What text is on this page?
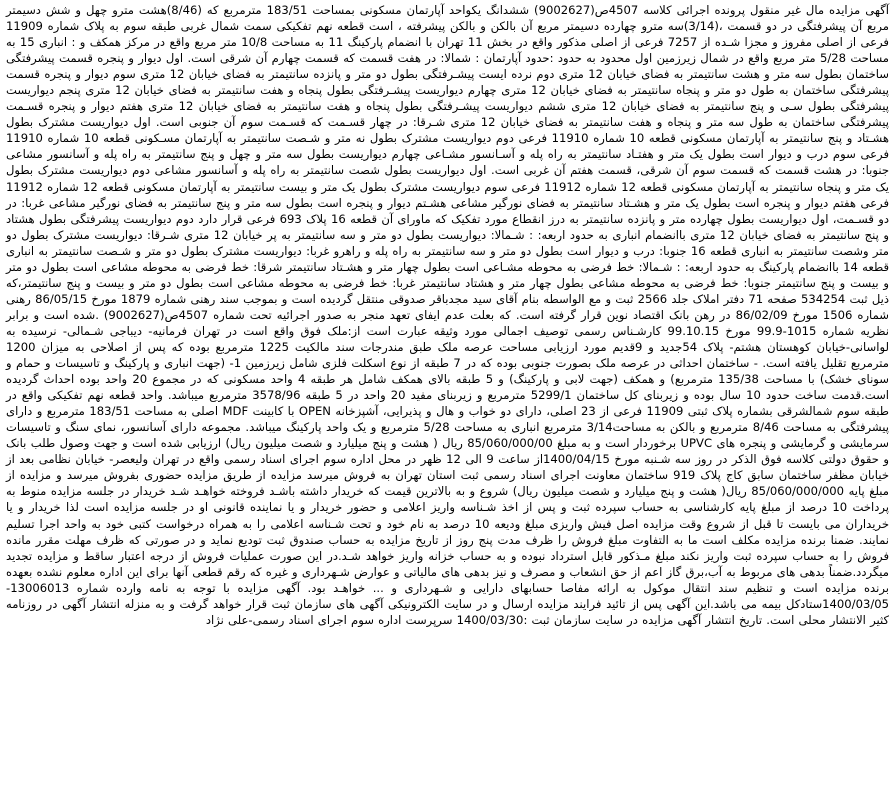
آگهی مزایده مال غیر منقول پرونده اجرائی کلاسه 4507ص(9002627) ششدانگ یکواحد آپارتمان مسکونی بمساحت 183/51 مترمربع که (8/46)هشت مترو چهل و شش دسیمتر مربع آن پیشرفتگی در دو قسمت ،(3/14)سه مترو چهارده دسیمتر مربع آن بالکن و بالکن پیشرفته ، است قطعه نهم تفکیکی سمت شمال غربی طبقه سوم به پلاک شماره 11909 فرعی از اصلی مفروز و مجزا شـده از 7257 فرعی از اصلی مذکور واقع در بخش 11 تهران با انضمام پارکینگ 11 به مساحت 10/8 متر مربع واقع در مرکز همکف و : انباری 15 به مساحت 5/28 متر مربع واقع در شمال زیرزمین اول محدود به حدود :حدود آپارتمان : شمالا: در هفت قسمت که قسمت چهارم آن شرقی است. اول دیوار و پنجره قسمت پیشرفتگی ساختمان بطول سه متر و هشت سانتیمتر به فضای خیابان 12 متری دوم نرده ایست پیشـرفتگی بطول دو متر و پانزده سانتیمتر به فضای خیابان 12 متری سوم دیوار و پنجره قسمت پیشرفتگی ساختمان به طول دو متر و پنجاه سانتیمتر به فضای خیابان 12 متری چهارم دیواریست پیشـرفتگی بطول پنجاه و هفت سانتیمتر به فضای خیابان 12 متری پنجم دیواریست پیشرفتگی بطول سـی و پنج سانتیمتر به فضای خیابان 12 متری ششم دیواریست پیشـرفتگی بطول پنجاه و هفت سانتیمتر به فضای خیابان 12 متری هفتم دیوار و پنجره قسـمت پیشرفتگی ساختمان به طول سه متر و پنجاه و هفت سانتیمتر به فضای خیابان 12 متری شـرقا: در چهار قسـمت که قسـمت سوم آن جنوبی است. اول دیواریست مشترک بطول هشـتاد و پنج سانتیمتر به آپارتمان مسکونی قطعه 10 شماره 11910 فرعی دوم دیواریست مشترک بطول نه متر و شـصت سانتیمتر به آپارتمان مسـکونی قطعه 10 شماره 11910 فرعی سوم درب و دیوار است بطول یک متر و هفتـاد سانتیمتر به راه پله و آسـانسور مشـاعی چهارم دیواریست بطول سه متر و چهل و پنج سانتیمتر به راه پله و آسانسور مشاعی جنوبا: در هشت قسمت که قسمت سوم آن شرقی، قسمت هفتم آن غربی است. اول دیواریست بطول شصت سانتیمتر به راه پله و آسانسور مشاعی دوم دیواریست مشترک بطول یک متر و پنجاه سانتیمتر به آپارتمان مسکونی قطعه 12 شماره 11912 فرعی سوم دیواریست مشترک بطول یک متر و بیست سانتیمتر به آپارتمان مسکونی قطعه 12 شماره 11912 فرعی هفتم دیوار و پنجره است بطول یک متر و هشـتاد سانتیمتر به فضای نورگیر مشاعی هشـتم دیوار و پنجره است بطول سه متر و پنج سانتیمتر به فضای نورگیر مشاعی غربا: در دو قسـمت، اول دیواریست بطول چهارده متر و پانزده سانتیمتر به درز انقطاع مورد تفکیک که ماورای آن قطعه 16 پلاک 693 فرعی قرار دارد دوم دیواریست پیشرفتگی بطول هشتاد و پنج سانتیمتر به فضای خیابان 12 متری باانضمام انباری به حدود اربعه: : شـمالا: دیواریست بطول دو متر و سه سانتیمتر به پر خیابان 12 متری شـرقا: دیواریست مشترک بطول دو متر وشصت سانتیمتر به انباری قطعه 16 جنوبا: درب و دیوار است بطول دو متر و سه سانتیمتر به راه پله و راهرو غربا: دیواریست مشترک بطول دو متر و شـصت سانتیمتر به انباری قطعه 14 باانضمام پارکینگ به حدود اربعه: : شـمالا: خط فرضی به محوطه مشـاعی است بطول چهار متر و هشـتاد سانتیمتر شرقا: خط فرضی به محوطه مشاعی است بطول دو متر و بیست و پنج سانتیمتر جنوبا: خط فرضی به محوطه مشاعی بطول چهار متر و هشتاد سانتیمتر غربا: خط فرضی به محوطه مشاعی است بطول دو متر و بیست و پنج سانتیمتر،که ذیل ثبت 534254 صفحه 71 دفتر املاک جلد 2566 ثبت و مع الواسطه بنام آقای سید مجدباقر صدوقی منتقل گردیده است و بموجب سند رهنی شماره 1879 مورخ 86/05/15 رهنی شماره 1506 مورخ 86/02/09 در رهن بانک اقتصاد نوین قرار گرفته است. که بعلت عدم ایفای تعهد منجر به صدور اجرائیه تحت شماره 4507ص(9002627) .شده است و برابر نظریه شماره 1015-99.9 مورخ 99.10.15 کارشـناس رسمی توصیف اجمالی مورد وثیقه عبارت است از:ملک فوق واقع است در تهران فرمانیه- دیباجی شـمالی- نرسیده به لواسانی-خیابان کوهستان هشتم- پلاک 54جدید و 9قدیم مورد ارزیابی مساحت عرصه ملک طبق مندرجات سند مالکیت 1225 مترمربع بوده که پس از اصلاحی به میزان 1200 مترمربع تقلیل یافته است. - ساختمان احداثی در عرصه ملک بصورت جنوبی بوده که در 7 طبقه از نوع اسکلت فلزی شامل زیرزمین 1- (جهت انباری و پارکینگ و تاسیسات و حمام و سونای خشک) با مساحت 135/38 مترمربع) و همکف (جهت لابی و پارکینگ) و 5 طبقه بالای همکف شامل هر طبقه 4 واحد مسکونی که در مجموع 20 واحد بوده احداث گردیده است.قدمت ساخت حدود 10 سال بوده و زیربنای کل ساختمان 5299/1 مترمربع و زیربنای مفید 20 واحد در 5 طبقه 3578/96 مترمربع میباشد. واحد قطعه نهم تفکیکی واقع در طبقه سوم شمالشرقی بشماره پلاک ثبتی 11909 فرعی از 23 اصلی، دارای دو خواب و هال و پذیرایی، آشپزخانه OPEN با کابینت MDF اصلی به مساحت 183/51 مترمربع و دارای پیشرفتگی به مساحت 8/46 مترمربع و بالکن به مساحت3/14 مترمربع انباری به مساحت 5/28 مترمربع و یک واحد پارکینگ میباشد. مجموعه دارای آسانسور، نمای سنگ و تاسیسات سرمایشی و گرمایشی و پنجره های UPVC برخوردار است و به مبلغ 85/060/000/00 ریال ( هشت و پنج میلیارد و شصت میلیون ریال) ارزیابی شده است و جهت وصول طلب بانک و حقوق دولتی کلاسه فوق الذکر در روز سه شـنبه مورخ 1400/04/15از ساعت 9 الی 12 ظهر در محل اداره سوم اجرای اسناد رسمی واقع در تهران ولیعصر- خیابان نظامی بعد از خیابان مظفر ساختمان سابق کاج پلاک 919 ساختمان معاونت اجرای اسناد رسمی ثبت استان تهران به فروش میرسد مزایده از طریق مزایده حضوری بفروش میرسد و مزایده از مبلغ پایه 85/060/000/000 ریال( هشت و پنج میلیارد و شصت میلیون ریال) شروع و به بالاترین قیمت که خریدار داشته باشـد فروخته خواهـد شـد خریدار در جلسه مزایده منوط به پرداخت 10 درصد از مبلغ پایه کارشناسی به حساب سپرده ثبت و پس از اخذ شـناسه واریز اعلامی و حضور خریدار و یا نماینده قانونی او در جلسه مزایده است لذا خریدار و یا خریداران می بایست تا قبل از شروع وقت مزایده اصل فیش واریزی مبلغ ودیعه 10 درصد به نام خود و تحت شـناسه اعلامی را به همراه درخواست کتبی خود به واحد اجرا تسلیم نمایند. ضمنا برنده مزایده مکلف است ما به التفاوت مبلغ فروش را ظرف مدت پنج روز از تاریخ مزایده به حساب صندوق ثبت تودیع نماید و در صورتی که ظرف مهلت مقرر مانده فروش را به حساب سپرده ثبت واریز نکند مبلغ مـذکور قابل استرداد نبوده و به حساب خزانه واریز خواهد شـد.در این صورت عملیات فروش از درجه اعتبار ساقط و مزایده تجدید میگردد.ضمناً بدهی های مربوط به آب،برق گاز اعم از حق انشعاب و مصرف و نیز بدهی های مالیاتی و عوارض شـهرداری و غیره که رقم قطعی آنها برای این اداره معلوم نشده بعهده برنده مزایده است و تنظیم سند انتقال موکول به ارائه مفاصا حسابهای دارایی و شـهرداری و ... خواهـد بود. آگهی مزایده با توجه به نامه وارده شماره 13006013-1400/03/05ستادکل بیمه می باشد.این آگهی پس از تائید فرایند مزایده ارسال و در سایت الکترونیکی آگهی های سازمان ثبت قرار خواهد گرفت و به منزله انتشار آگهی در روزنامه کثیر الانتشار محلی است. تاریخ انتشار آگهی مزایده در سایت سازمان ثبت :1400/03/30 سرپرست اداره سوم اجرای اسناد رسمی-علی نژاد
